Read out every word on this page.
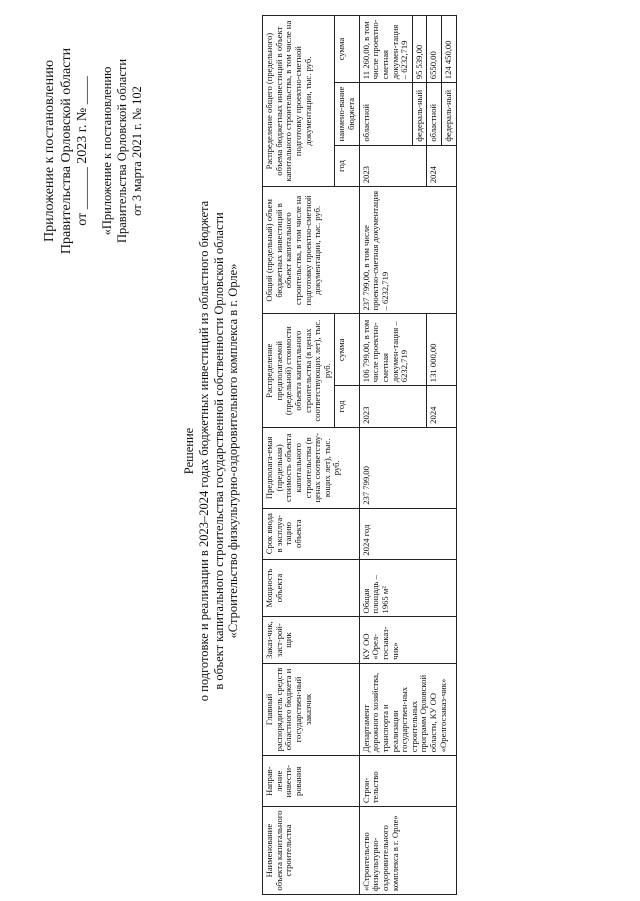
Приложение к постановлению Правительства Орловской области от ______ 2023 г. № ____ «Приложение к постановлению Правительства Орловской области от 3 марта 2021 г. № 102
Решение о подготовке и реализации в 2023–2024 годах бюджетных инвестиций из областного бюджета в объект капитального строительства государственной собственности Орловской области «Строительство физкультурно-оздоровительного комплекса в г. Орле»
Наименование объекта капитального строительства	Направ-ление инвести-рования	Главный распорядитель средств областного бюджета и государствен-ный заказчик	Заказ-чик, заст-рой-щик	Мощность объекта	Срок ввода в эксплуа-тацию объекта	Предполага-емая (предельная) стоимость объекта капитального строительства (в ценах соответству-ющих лет), тыс. руб.	Распределение предполагаемой (предельной) стоимости объекта капитального строительства (в ценах соответствующих лет), тыс. руб.		Общий (предельный) объем бюджетных инвестиций в объект капитального строительства, в том числе на подготовку проектно-сметной документации, тыс. руб.	Распределение общего (предельного) объема бюджетных инвестиций в объект капитального строительства, в том числе на подготовку проектно-сметной документации, тыс. руб.		
							год	сумма		год	наимено-вание бюджета	сумма
«Строительство физкультурно-оздоровительного комплекса в г. Орле»	Строи-тельство	Департамент дорожного хозяйства, транспорта и реализации государствен-ных строительных программ Орловской области, КУ ОО «Орелгосзаказ-чик»	КУ ОО «Орел-госзаказ-чик»	Общая площадь – 1965 м²	2024 год	237 799,00	2023	106 799,00, в том числе проектно-сметная докумен-тация – 6232,719	237 799,00, в том числе проектно-сметная документация – 6232,719	2023	областной	11 260,00, в том числе проектно-сметная докумен-тация – 6232,719
											федераль-ный	95 539,00
							2024	131 000,00		2024	областной	6550,00
											федераль-ный	124 450,00
